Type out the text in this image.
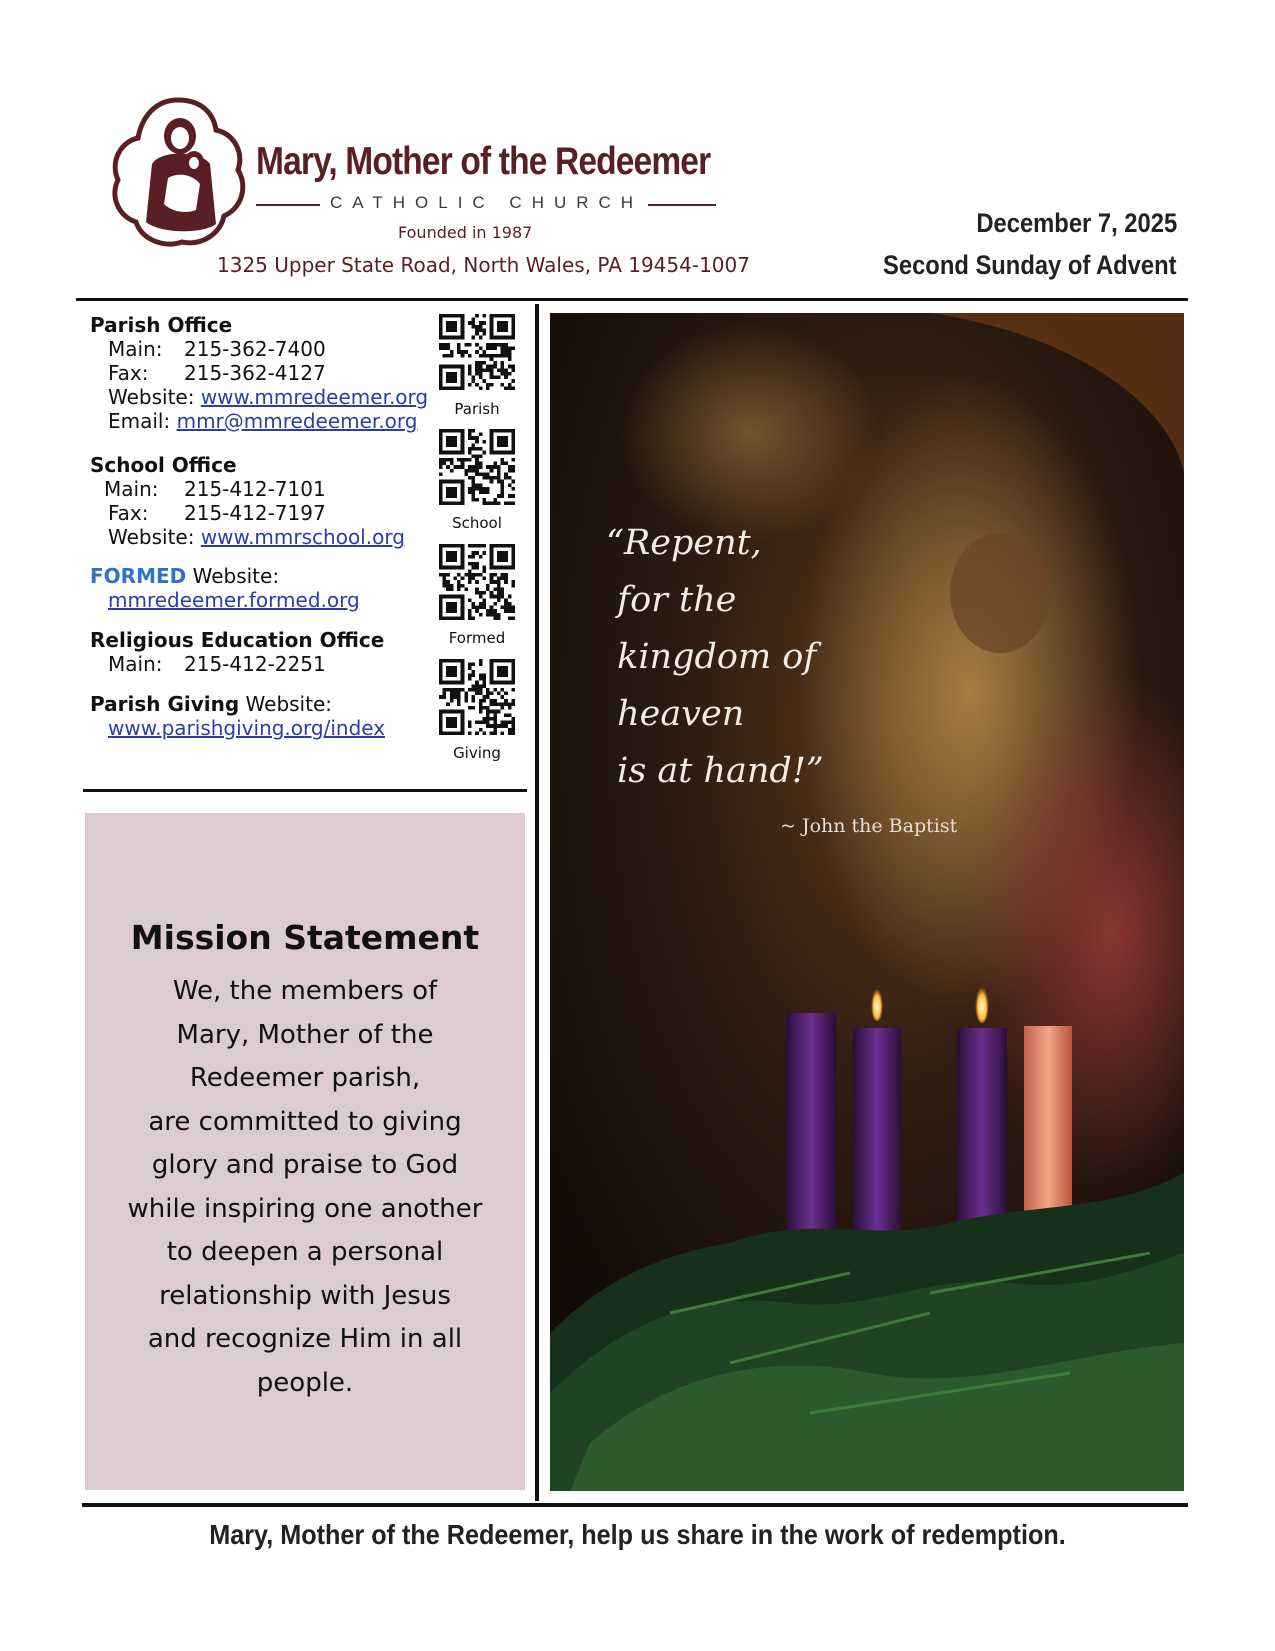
Mary, Mother of the Redeemer
CATHOLIC CHURCH
Founded in 1987
1325 Upper State Road, North Wales, PA 19454-1007
December 7, 2025
Second Sunday of Advent
Parish Office
Main: 215-362-7400
Fax: 215-362-4127
Website: www.mmredeemer.org
Email: mmr@mmredeemer.org
School Office
Main: 215-412-7101
Fax: 215-412-7197
Website: www.mmrschool.org
FORMED Website:
mmredeemer.formed.org
Religious Education Office
Main: 215-412-2251
Parish Giving Website:
www.parishgiving.org/index
Parish
School
Formed
Giving
Mission Statement
We, the members of
Mary, Mother of the
Redeemer parish,
are committed to giving
glory and praise to God
while inspiring one another
to deepen a personal
relationship with Jesus
and recognize Him in all
people.
“Repent,
for the
kingdom of
heaven
is at hand!”
~ John the Baptist
Mary, Mother of the Redeemer, help us share in the work of redemption.
